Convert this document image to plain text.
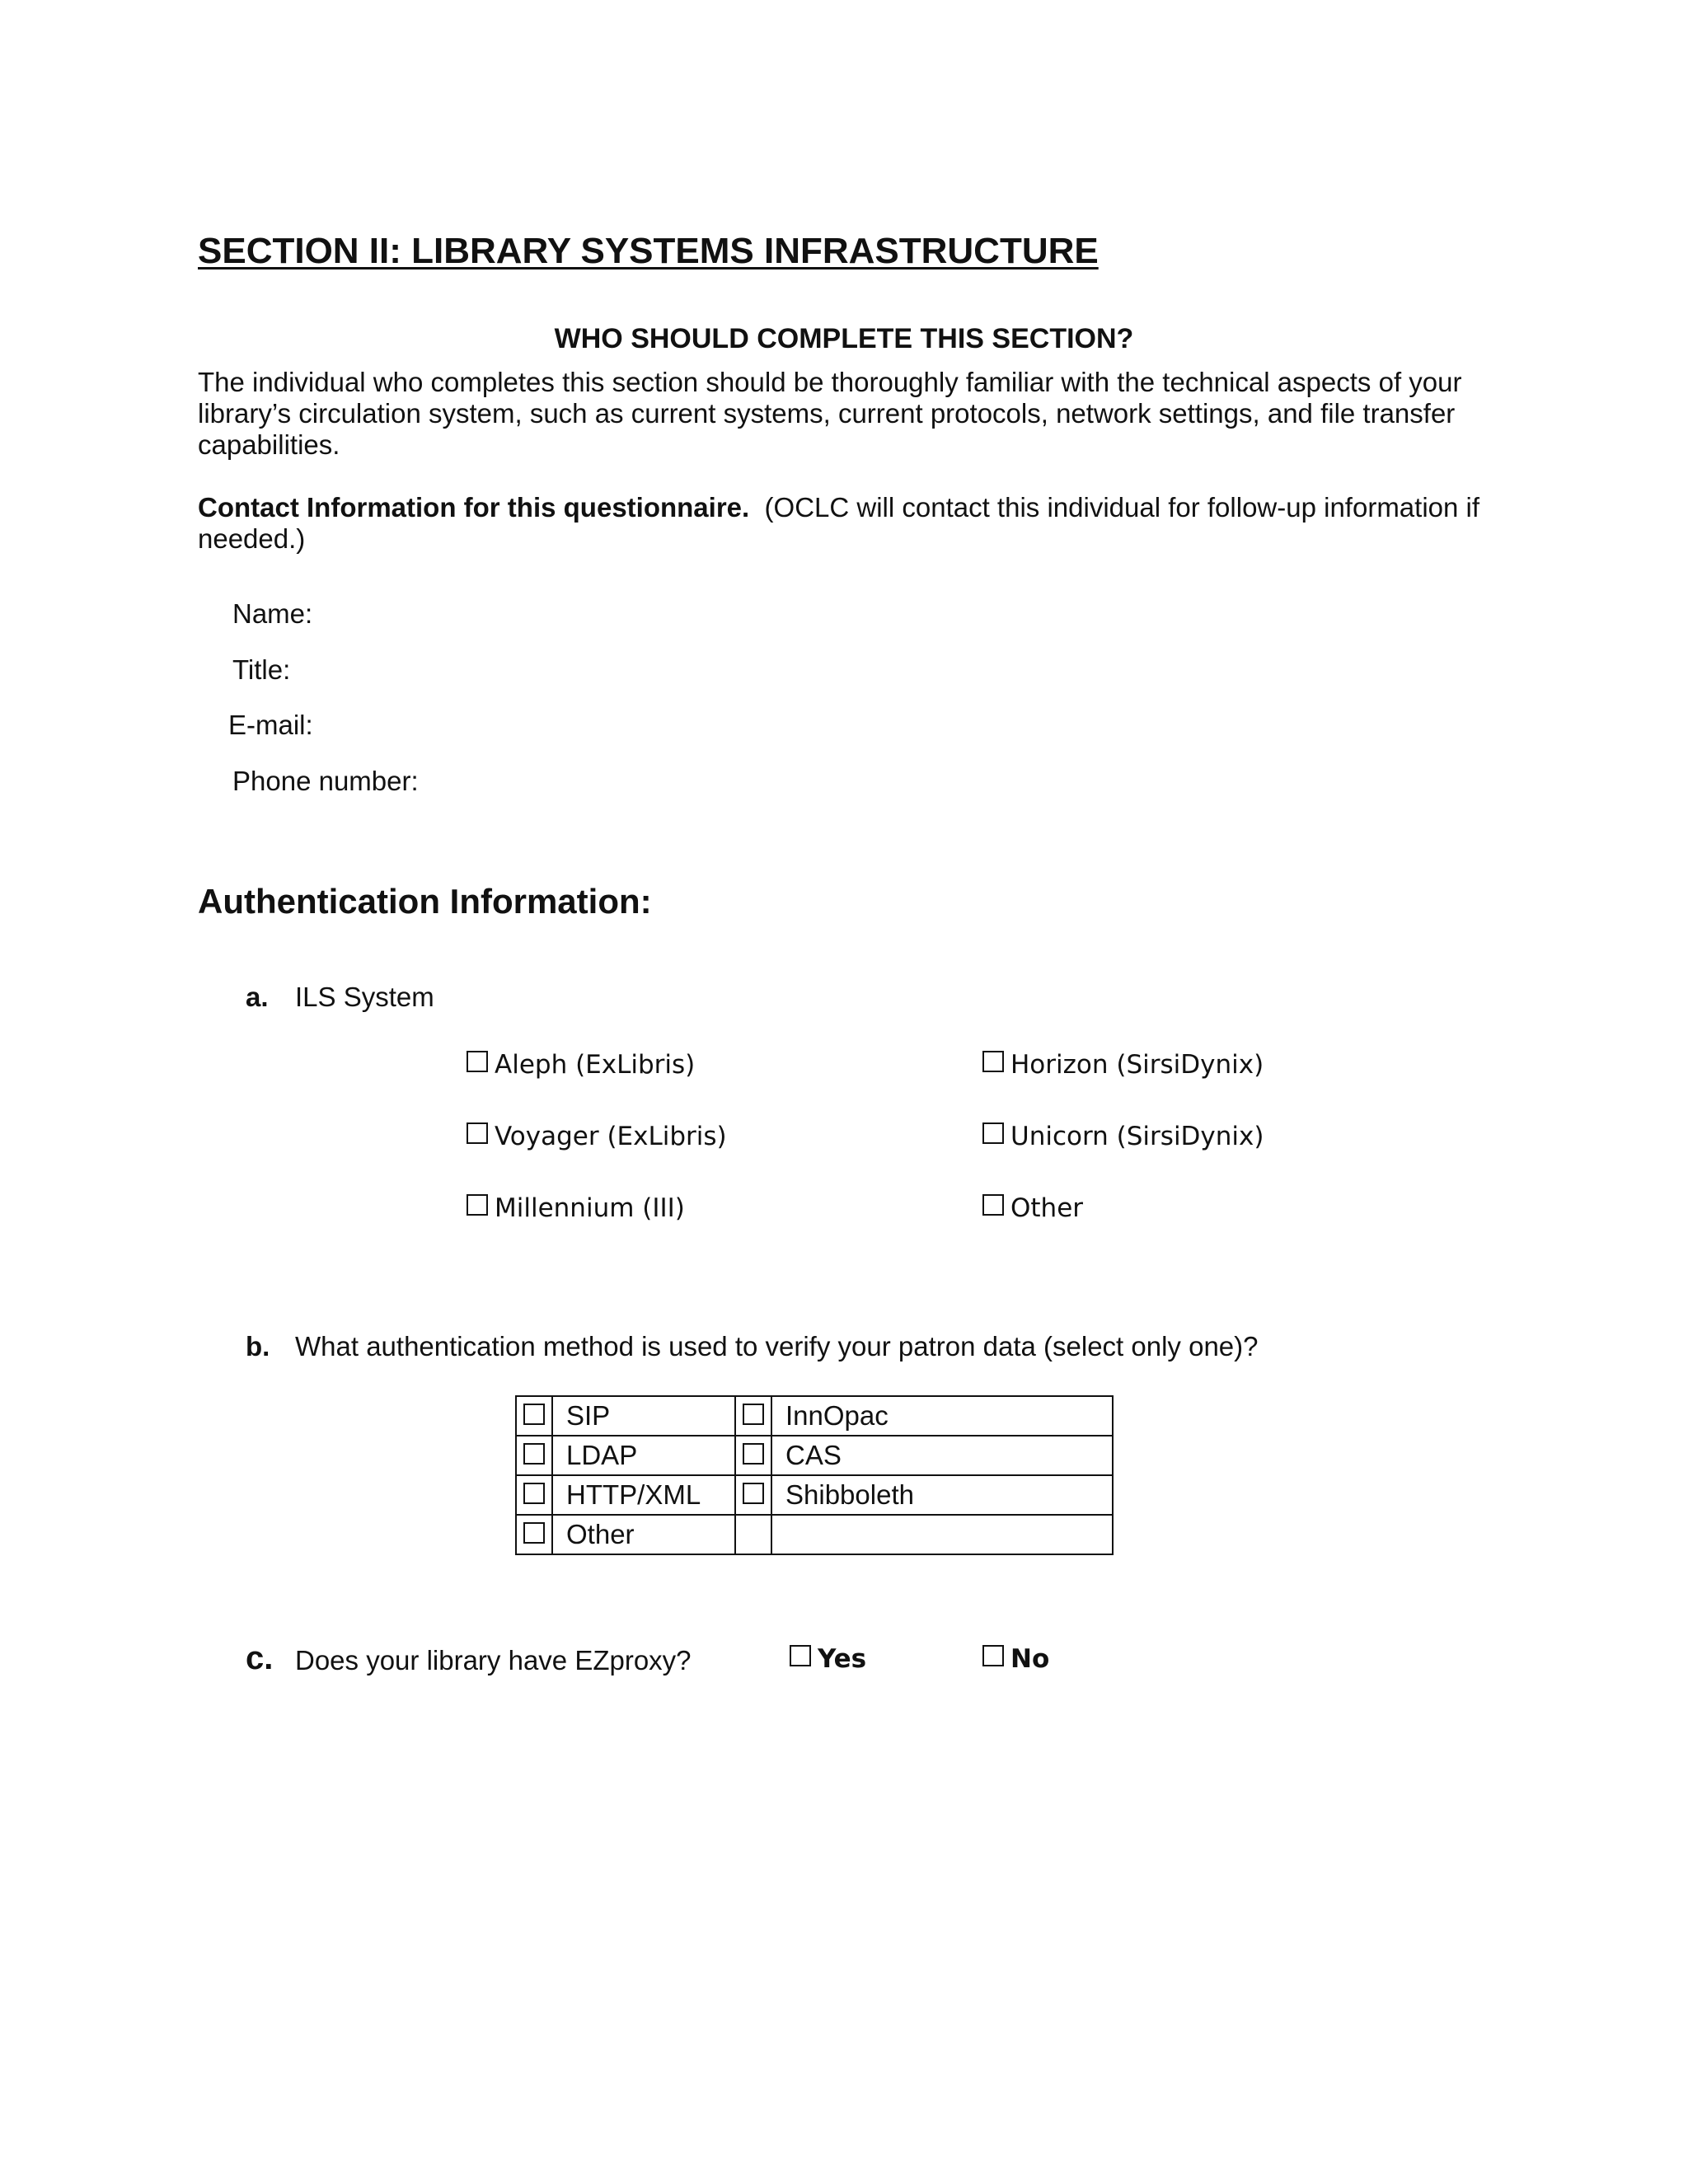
SECTION II: LIBRARY SYSTEMS INFRASTRUCTURE
WHO SHOULD COMPLETE THIS SECTION?
The individual who completes this section should be thoroughly familiar with the technical aspects of your library’s circulation system, such as current systems, current protocols, network settings, and file transfer capabilities.
Contact Information for this questionnaire. (OCLC will contact this individual for follow-up information if needed.)
Name:
Title:
E-mail:
Phone number:
Authentication Information:
a. ILS System
Aleph (ExLibris)	Horizon (SirsiDynix)
Voyager (ExLibris)	Unicorn (SirsiDynix)
Millennium (III)	Other
b. What authentication method is used to verify your patron data (select only one)?
	SIP		InnOpac
	LDAP		CAS
	HTTP/XML		Shibboleth
	Other		
c. Does your library have EZproxy?	Yes	No
